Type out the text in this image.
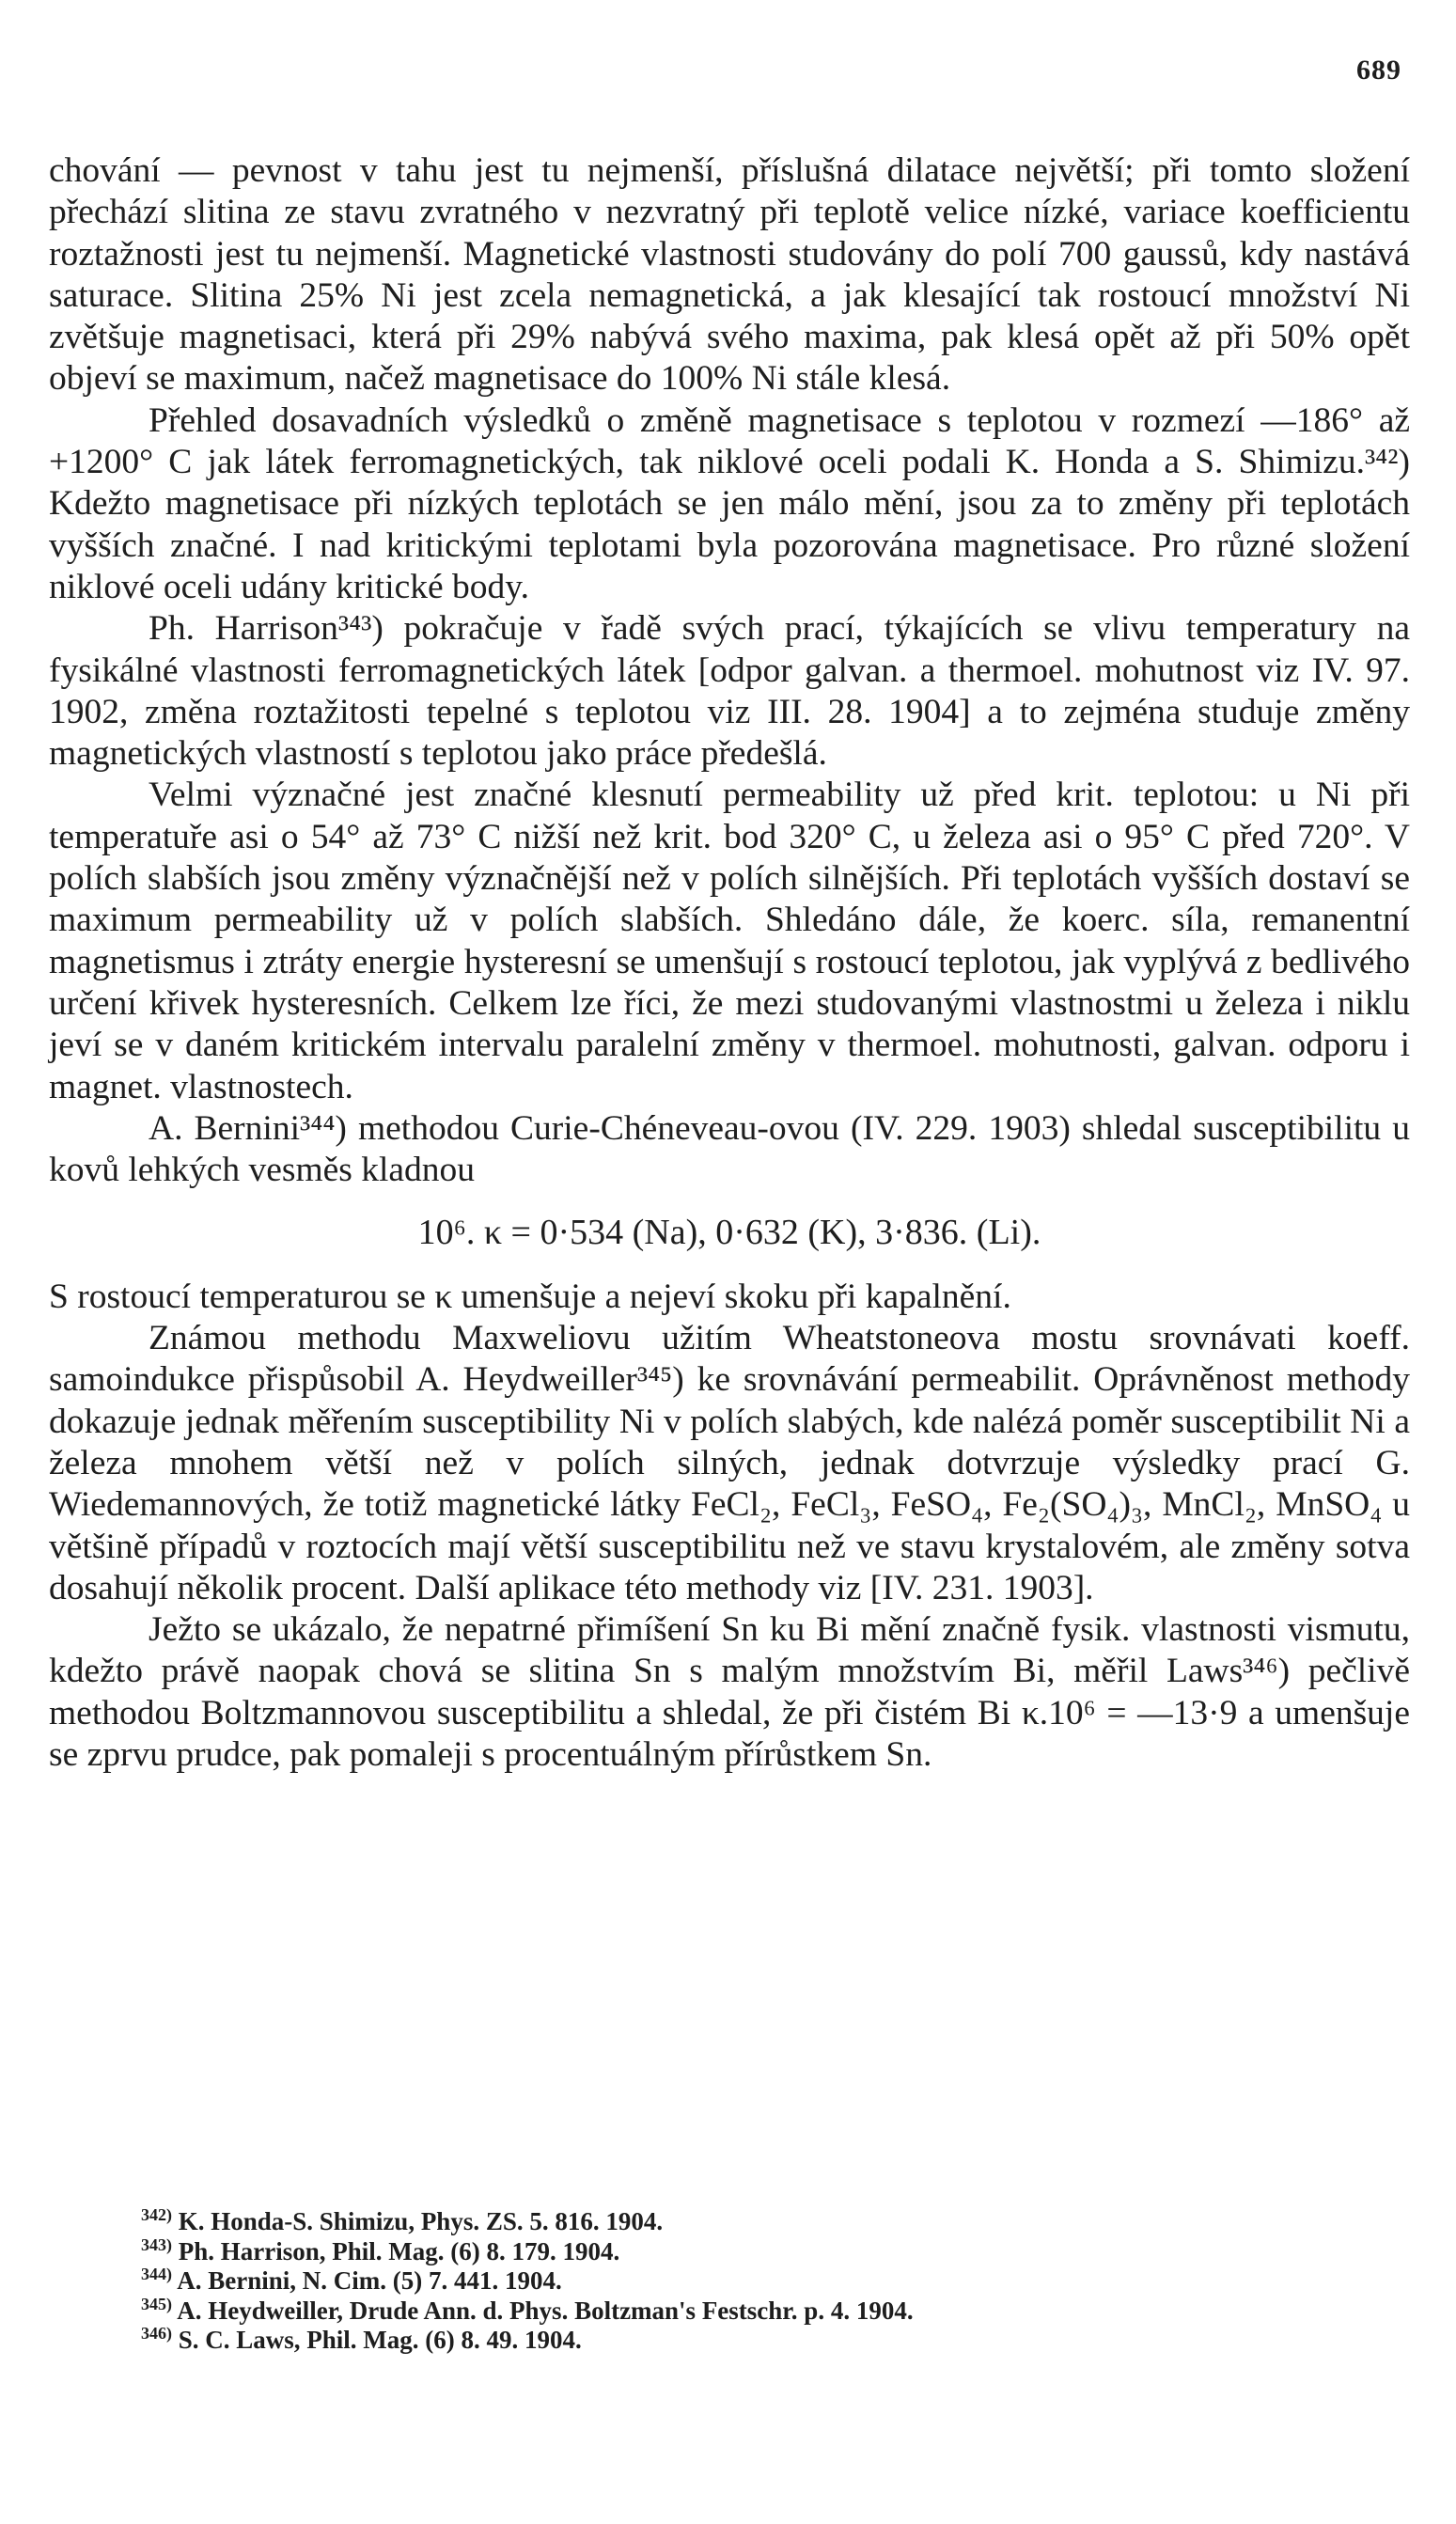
689

chování — pevnost v tahu jest tu nejmenší, příslušná dilatace největší; při tomto složení přechází slitina ze stavu zvratného v nezvratný při teplotě velice nízké, variace koefficientu roztažnosti jest tu nejmenší. Magnetické vlastnosti studovány do polí 700 gaussů, kdy nastává saturace. Slitina 25% Ni jest zcela nemagnetická, a jak klesající tak rostoucí množství Ni zvětšuje magnetisaci, která při 29% nabývá svého maxima, pak klesá opět až při 50% opět objeví se maximum, načež magnetisace do 100% Ni stále klesá.

Přehled dosavadních výsledků o změně magnetisace s teplotou v rozmezí —186° až +1200° C jak látek ferromagnetických, tak niklové oceli podali K. Honda a S. Shimizu.³⁴²) Kdežto magnetisace při nízkých teplotách se jen málo mění, jsou za to změny při teplotách vyšších značné. I nad kritickými teplotami byla pozorována magnetisace. Pro různé složení niklové oceli udány kritické body.

Ph. Harrison³⁴³) pokračuje v řadě svých prací, týkajících se vlivu temperatury na fysikálné vlastnosti ferromagnetických látek [odpor galvan. a thermoel. mohutnost viz IV. 97. 1902, změna roztažitosti tepelné s teplotou viz III. 28. 1904] a to zejména studuje změny magnetických vlastností s teplotou jako práce předešlá.

Velmi význačné jest značné klesnutí permeability už před krit. teplotou: u Ni při temperatuře asi o 54° až 73° C nižší než krit. bod 320° C, u železa asi o 95° C před 720°. V polích slabších jsou změny význačnější než v polích silnějších. Při teplotách vyšších dostaví se maximum permeability už v polích slabších. Shledáno dále, že koerc. síla, remanentní magnetismus i ztráty energie hysteresní se umenšují s rostoucí teplotou, jak vyplývá z bedlivého určení křivek hysteresních. Celkem lze říci, že mezi studovanými vlastnostmi u železa i niklu jeví se v daném kritickém intervalu paralelní změny v thermoel. mohutnosti, galvan. odporu i magnet. vlastnostech.

A. Bernini³⁴⁴) methodou Curie-Chéneveau-ovou (IV. 229. 1903) shledal susceptibilitu u kovů lehkých vesměs kladnou

10⁶. κ = 0·534 (Na), 0·632 (K), 3·836. (Li).

S rostoucí temperaturou se κ umenšuje a nejeví skoku při kapalnění.

Známou methodu Maxweliovu užitím Wheatstoneova mostu srovnávati koeff. samoindukce přispůsobil A. Heydweiller³⁴⁵) ke srovnávání permeabilit. Oprávněnost methody dokazuje jednak měřením susceptibility Ni v polích slabých, kde nalézá poměr susceptibilit Ni a železa mnohem větší než v polích silných, jednak dotvrzuje výsledky prací G. Wiedemannových, že totiž magnetické látky FeCl₂, FeCl₃, FeSO₄, Fe₂(SO₄)₃, MnCl₂, MnSO₄ u většině případů v roztocích mají větší susceptibilitu než ve stavu krystalovém, ale změny sotva dosahují několik procent. Další aplikace této methody viz [IV. 231. 1903].

Ježto se ukázalo, že nepatrné přimíšení Sn ku Bi mění značně fysik. vlastnosti vismutu, kdežto právě naopak chová se slitina Sn s malým množstvím Bi, měřil Laws³⁴⁶) pečlivě methodou Boltzmannovou susceptibilitu a shledal, že při čistém Bi κ.10⁶ = —13·9 a umenšuje se zprvu prudce, pak pomaleji s procentuálným přírůstkem Sn.

$^{342)}$ K. Honda-S. Shimizu, Phys. ZS. 5. 816. 1904.
$^{343)}$ Ph. Harrison, Phil. Mag. (6) 8. 179. 1904.
$^{344)}$ A. Bernini, N. Cim. (5) 7. 441. 1904.
$^{345)}$ A. Heydweiller, Drude Ann. d. Phys. Boltzman's Festschr. p. 4. 1904.
$^{346)}$ S. C. Laws, Phil. Mag. (6) 8. 49. 1904.
